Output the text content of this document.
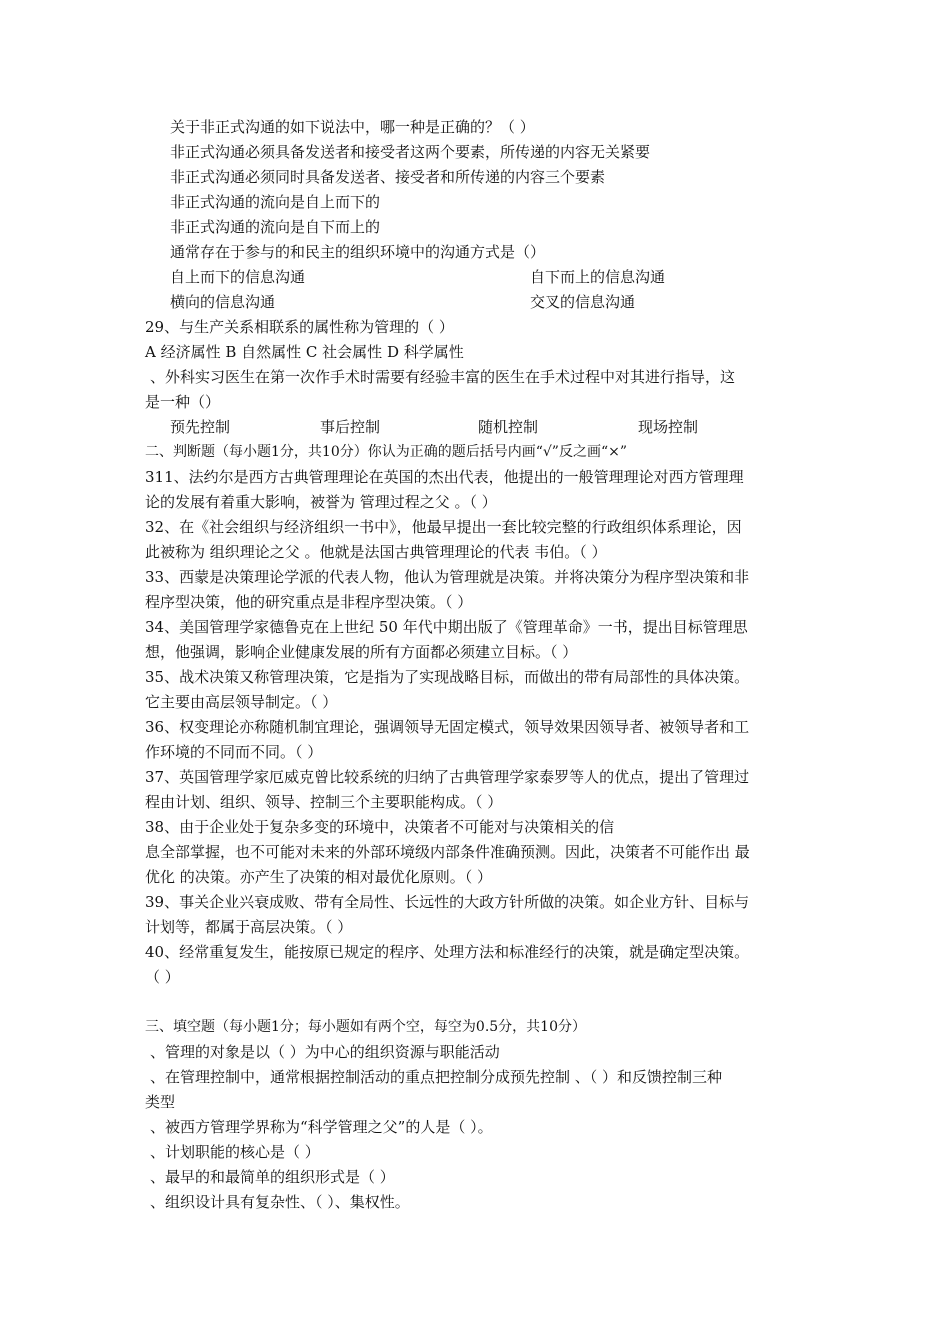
关于非正式沟通的如下说法中，哪一种是正确的？（ ）
非正式沟通必须具备发送者和接受者这两个要素，所传递的内容无关紧要
非正式沟通必须同时具备发送者、接受者和所传递的内容三个要素
非正式沟通的流向是自上而下的
非正式沟通的流向是自下而上的
通常存在于参与的和民主的组织环境中的沟通方式是（）
自上而下的信息沟通	自下而上的信息沟通
横向的信息沟通	交叉的信息沟通
29、与生产关系相联系的属性称为管理的（ ）
A 经济属性 B 自然属性 C 社会属性 D 科学属性
、外科实习医生在第一次作手术时需要有经验丰富的医生在手术过程中对其进行指导，这
是一种（）
预先控制	事后控制	随机控制	现场控制
二、判断题（每小题1分，共10分）你认为正确的题后括号内画“√”反之画“×”
311、法约尔是西方古典管理理论在英国的杰出代表，他提出的一般管理理论对西方管理理
论的发展有着重大影响，被誉为 管理过程之父 。（ ）
32、在《社会组织与经济组织一书中》，他最早提出一套比较完整的行政组织体系理论，因
此被称为 组织理论之父 。他就是法国古典管理理论的代表 韦伯。（ ）
33、西蒙是决策理论学派的代表人物，他认为管理就是决策。并将决策分为程序型决策和非
程序型决策，他的研究重点是非程序型决策。（ ）
34、美国管理学家德鲁克在上世纪 50 年代中期出版了《管理革命》一书，提出目标管理思
想，他强调，影响企业健康发展的所有方面都必须建立目标。（ ）
35、战术决策又称管理决策，它是指为了实现战略目标，而做出的带有局部性的具体决策。
它主要由高层领导制定。（ ）
36、权变理论亦称随机制宜理论，强调领导无固定模式，领导效果因领导者、被领导者和工
作环境的不同而不同。（ ）
37、英国管理学家厄威克曾比较系统的归纳了古典管理学家泰罗等人的优点，提出了管理过
程由计划、组织、领导、控制三个主要职能构成。（ ）
38、由于企业处于复杂多变的环境中，决策者不可能对与决策相关的信
息全部掌握，也不可能对未来的外部环境级内部条件准确预测。因此，决策者不可能作出 最
优化 的决策。亦产生了决策的相对最优化原则。（ ）
39、事关企业兴衰成败、带有全局性、长远性的大政方针所做的决策。如企业方针、目标与
计划等，都属于高层决策。（ ）
40、经常重复发生，能按原已规定的程序、处理方法和标准经行的决策，就是确定型决策。
（ ）
三、填空题（每小题1分；每小题如有两个空，每空为0.5分，共10分）
、管理的对象是以（ ）为中心的组织资源与职能活动
、在管理控制中，通常根据控制活动的重点把控制分成预先控制 、（ ）和反馈控制三种
类型
、被西方管理学界称为“科学管理之父”的人是（ ）。
、计划职能的核心是（ ）
、最早的和最简单的组织形式是（ ）
、组织设计具有复杂性、（ ）、集权性。
